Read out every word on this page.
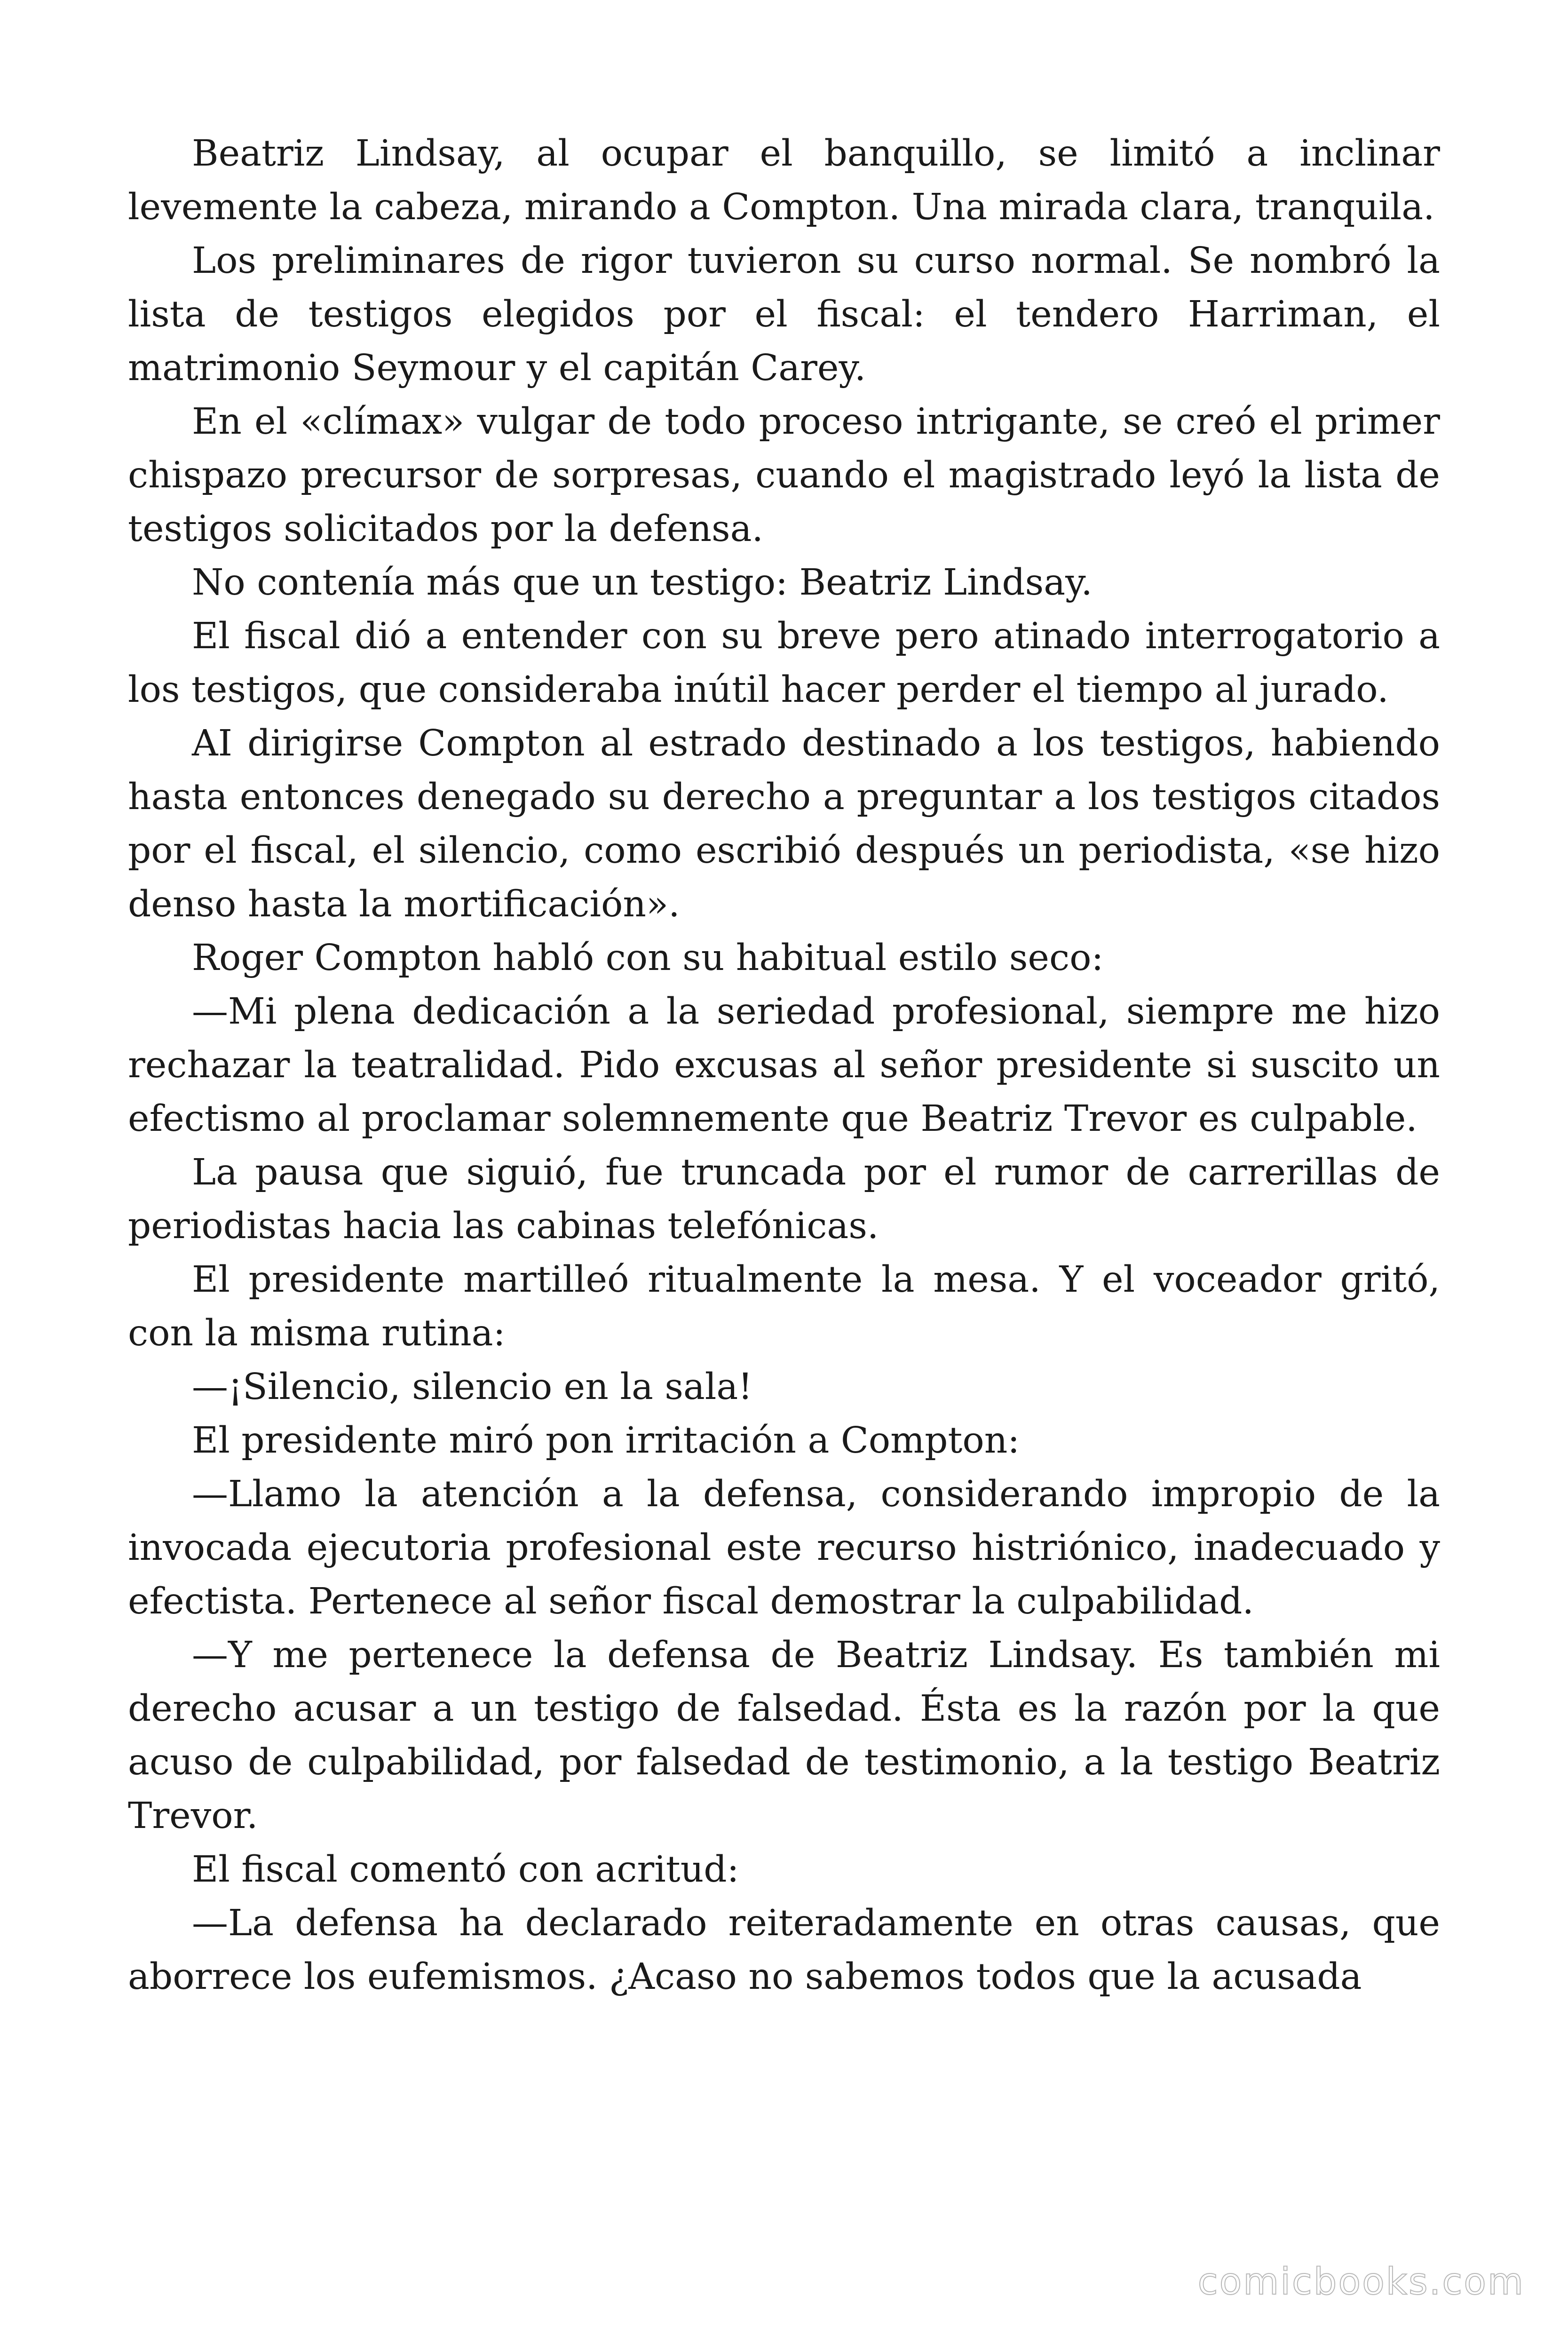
Beatriz Lindsay, al ocupar el banquillo, se limitó a inclinar levemente la cabeza, mirando a Compton. Una mirada clara, tranquila.

Los preliminares de rigor tuvieron su curso normal. Se nombró la lista de testigos elegidos por el fiscal: el tendero Harriman, el matrimonio Seymour y el capitán Carey.

En el «clímax» vulgar de todo proceso intrigante, se creó el primer chispazo precursor de sorpresas, cuando el magistrado leyó la lista de testigos solicitados por la defensa.

No contenía más que un testigo: Beatriz Lindsay.

El fiscal dió a entender con su breve pero atinado interrogatorio a los testigos, que consideraba inútil hacer perder el tiempo al jurado.

AI dirigirse Compton al estrado destinado a los testigos, habiendo hasta entonces denegado su derecho a preguntar a los testigos citados por el fiscal, el silencio, como escribió después un periodista, «se hizo denso hasta la mortificación».

Roger Compton habló con su habitual estilo seco:

—Mi plena dedicación a la seriedad profesional, siempre me hizo rechazar la teatralidad. Pido excusas al señor presidente si suscito un efectismo al proclamar solemnemente que Beatriz Trevor es culpable.

La pausa que siguió, fue truncada por el rumor de carrerillas de periodistas hacia las cabinas telefónicas.

El presidente martilleó ritualmente la mesa. Y el voceador gritó, con la misma rutina:

—¡Silencio, silencio en la sala!

El presidente miró pon irritación a Compton:

—Llamo la atención a la defensa, considerando impropio de la invocada ejecutoria profesional este recurso histriónico, inadecuado y efectista. Pertenece al señor fiscal demostrar la culpabilidad.

—Y me pertenece la defensa de Beatriz Lindsay. Es también mi derecho acusar a un testigo de falsedad. Ésta es la razón por la que acuso de culpabilidad, por falsedad de testimonio, a la testigo Beatriz Trevor.

El fiscal comentó con acritud:

—La defensa ha declarado reiteradamente en otras causas, que aborrece los eufemismos. ¿Acaso no sabemos todos que la acusada

comicbooks.com
